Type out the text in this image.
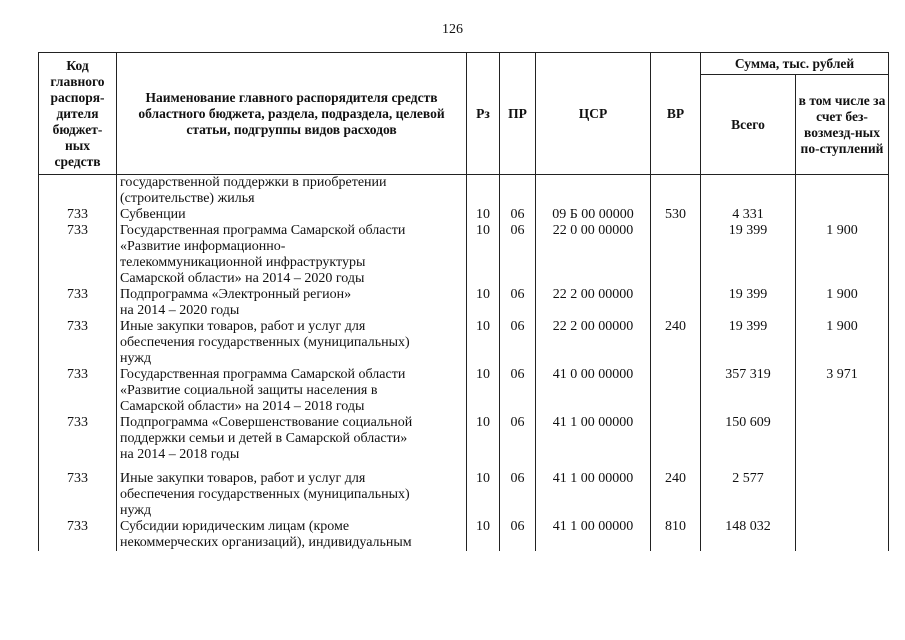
126
Код главного распоря-дителя бюджет-ных средств	Наименование главного распорядителя средств областного бюджета, раздела, подраздела, целевой статьи, подгруппы видов расходов	Рз	ПР	ЦСР	ВР	Сумма, тыс. рублей	
						Всего	в том числе за счет без-возмезд-ных по-ступлений
	государственной поддержки в приобретении
(строительстве) жилья						
733	Субвенции	10	06	09 Б 00 00000	530	4 331	
733	Государственная программа Самарской области
«Развитие информационно-
телекоммуникационной инфраструктуры
Самарской области» на 2014 – 2020 годы	10	06	22 0 00 00000		19 399	1 900
733	Подпрограмма «Электронный регион»
на 2014 – 2020 годы	10	06	22 2 00 00000		19 399	1 900
733	Иные закупки товаров, работ и услуг для
обеспечения государственных (муниципальных)
нужд	10	06	22 2 00 00000	240	19 399	1 900
733	Государственная программа Самарской области
«Развитие социальной защиты населения в
Самарской области» на 2014 – 2018 годы	10	06	41 0 00 00000		357 319	3 971
733	Подпрограмма «Совершенствование социальной
поддержки семьи и детей в Самарской области»
на 2014 – 2018 годы	10	06	41 1 00 00000		150 609	

733	Иные закупки товаров, работ и услуг для
обеспечения государственных (муниципальных)
нужд	10	06	41 1 00 00000	240	2 577	
733	Субсидии юридическим лицам (кроме
некоммерческих организаций), индивидуальным	10	06	41 1 00 00000	810	148 032	
